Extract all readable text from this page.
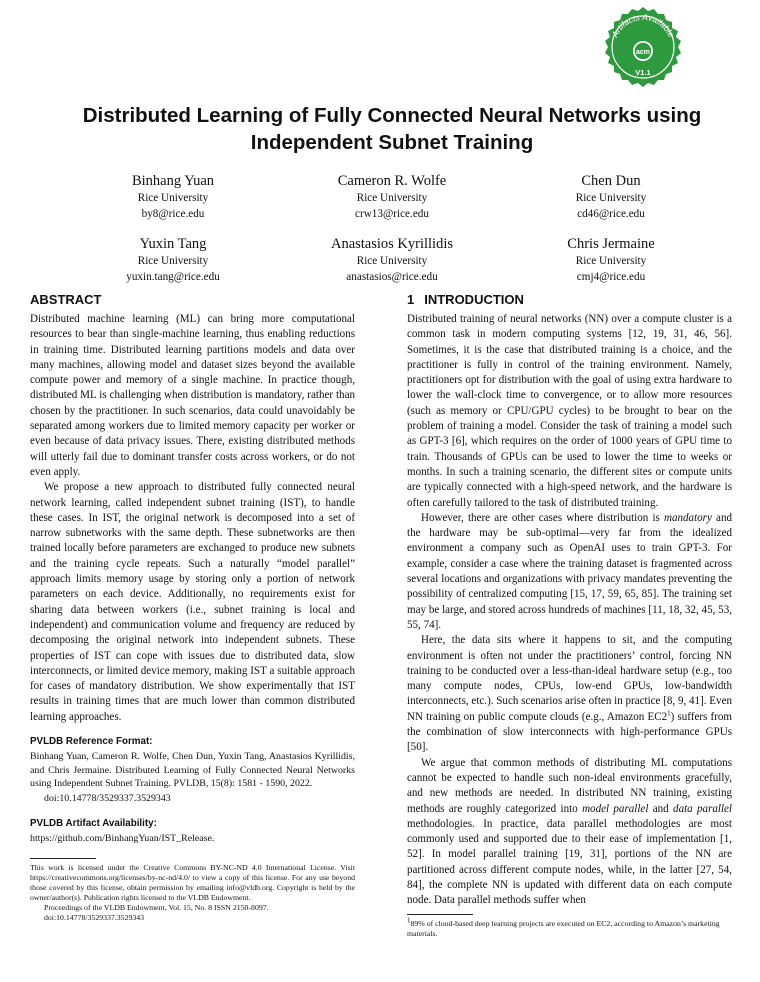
Artifacts Available
acm
V1.1
Distributed Learning of Fully Connected Neural Networks using
Independent Subnet Training
Binhang Yuan
Rice University
by8@rice.edu
Cameron R. Wolfe
Rice University
crw13@rice.edu
Chen Dun
Rice University
cd46@rice.edu
Yuxin Tang
Rice University
yuxin.tang@rice.edu
Anastasios Kyrillidis
Rice University
anastasios@rice.edu
Chris Jermaine
Rice University
cmj4@rice.edu
ABSTRACT

Distributed machine learning (ML) can bring more computational resources to bear than single-machine learning, thus enabling reductions in training time. Distributed learning partitions models and data over many machines, allowing model and dataset sizes beyond the available compute power and memory of a single machine. In practice though, distributed ML is challenging when distribution is mandatory, rather than chosen by the practitioner. In such scenarios, data could unavoidably be separated among workers due to limited memory capacity per worker or even because of data privacy issues. There, existing distributed methods will utterly fail due to dominant transfer costs across workers, or do not even apply.

We propose a new approach to distributed fully connected neural network learning, called independent subnet training (IST), to handle these cases. In IST, the original network is decomposed into a set of narrow subnetworks with the same depth. These subnetworks are then trained locally before parameters are exchanged to produce new subnets and the training cycle repeats. Such a naturally “model parallel” approach limits memory usage by storing only a portion of network parameters on each device. Additionally, no requirements exist for sharing data between workers (i.e., subnet training is local and independent) and communication volume and frequency are reduced by decomposing the original network into independent subnets. These properties of IST can cope with issues due to distributed data, slow interconnects, or limited device memory, making IST a suitable approach for cases of mandatory distribution. We show experimentally that IST results in training times that are much lower than common distributed learning approaches.

PVLDB Reference Format:

Binhang Yuan, Cameron R. Wolfe, Chen Dun, Yuxin Tang, Anastasios Kyrillidis, and Chris Jermaine. Distributed Learning of Fully Connected Neural Networks using Independent Subnet Training. PVLDB, 15(8): 1581 - 1590, 2022.

doi:10.14778/3529337.3529343

PVLDB Artifact Availability:

https://github.com/BinhangYuan/IST_Release.

This work is licensed under the Creative Commons BY-NC-ND 4.0 International License. Visit https://creativecommons.org/licenses/by-nc-nd/4.0/ to view a copy of this license. For any use beyond those covered by this license, obtain permission by emailing info@vldb.org. Copyright is held by the owner/author(s). Publication rights licensed to the VLDB Endowment.

Proceedings of the VLDB Endowment, Vol. 15, No. 8 ISSN 2150-8097.

doi:10.14778/3529337.3529343

1 INTRODUCTION

Distributed training of neural networks (NN) over a compute cluster is a common task in modern computing systems [12, 19, 31, 46, 56]. Sometimes, it is the case that distributed training is a choice, and the practitioner is fully in control of the training environment. Namely, practitioners opt for distribution with the goal of using extra hardware to lower the wall-clock time to convergence, or to allow more resources (such as memory or CPU/GPU cycles) to be brought to bear on the problem of training a model. Consider the task of training a model such as GPT-3 [6], which requires on the order of 1000 years of GPU time to train. Thousands of GPUs can be used to lower the time to weeks or months. In such a training scenario, the different sites or compute units are typically connected with a high-speed network, and the hardware is often carefully tailored to the task of distributed training.

However, there are other cases where distribution is mandatory and the hardware may be sub-optimal—very far from the idealized environment a company such as OpenAI uses to train GPT-3. For example, consider a case where the training dataset is fragmented across several locations and organizations with privacy mandates preventing the possibility of centralized computing [15, 17, 59, 65, 85]. The training set may be large, and stored across hundreds of machines [11, 18, 32, 45, 53, 55, 74].

Here, the data sits where it happens to sit, and the computing environment is often not under the practitioners’ control, forcing NN training to be conducted over a less-than-ideal hardware setup (e.g., too many compute nodes, CPUs, low-end GPUs, low-bandwidth interconnects, etc.). Such scenarios arise often in practice [8, 9, 41]. Even NN training on public compute clouds (e.g., Amazon $EC2^1$) suffers from the combination of slow interconnects with high-performance GPUs [50].

We argue that common methods of distributing ML computations cannot be expected to handle such non-ideal environments gracefully, and new methods are needed. In distributed NN training, existing methods are roughly categorized into model parallel and data parallel methodologies. In practice, data parallel methodologies are most commonly used and supported due to their ease of implementation [1, 52]. In model parallel training [19, 31], portions of the NN are partitioned across different compute nodes, while, in the latter [27, 54, 84], the complete NN is updated with different data on each compute node. Data parallel methods suffer when

189% of cloud-based deep learning projects are executed on EC2, according to Amazon’s marketing materials.
